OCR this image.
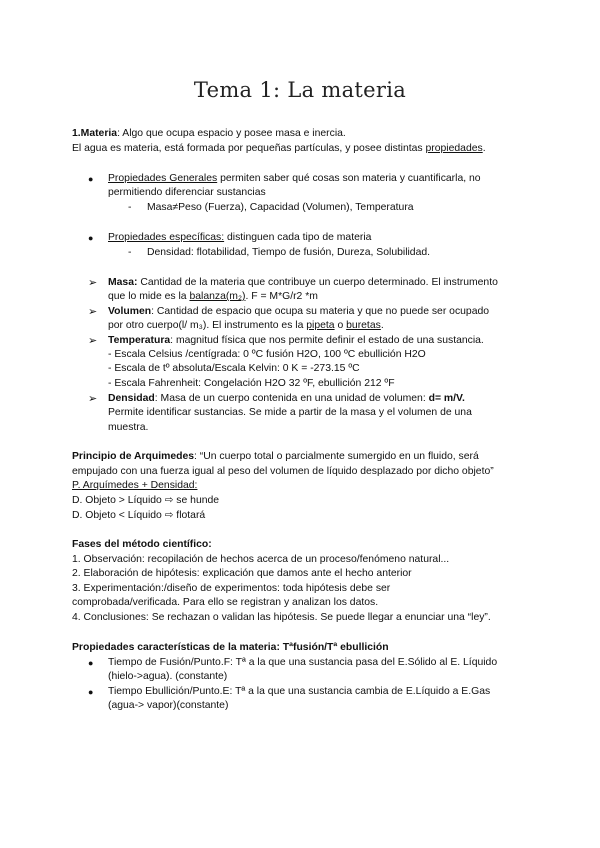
Tema 1: La materia
1.Materia: Algo que ocupa espacio y posee masa e inercia.
El agua es materia, está formada por pequeñas partículas, y posee distintas propiedades.
● Propiedades Generales permiten saber qué cosas son materia y cuantificarla, no
permitiendo diferenciar sustancias
- Masa≠Peso (Fuerza), Capacidad (Volumen), Temperatura
● Propiedades específicas: distinguen cada tipo de materia
- Densidad: flotabilidad, Tiempo de fusión, Dureza, Solubilidad.
➢ Masa: Cantidad de la materia que contribuye un cuerpo determinado. El instrumento
que lo mide es la balanza(m₂). F = M*G/r2 *m
➢ Volumen: Cantidad de espacio que ocupa su materia y que no puede ser ocupado
por otro cuerpo(l/ m₃). El instrumento es la pipeta o buretas.
➢ Temperatura: magnitud física que nos permite definir el estado de una sustancia.
- Escala Celsius /centígrada: 0 ºC fusión H2O, 100 ºC ebullición H2O
- Escala de tº absoluta/Escala Kelvin: 0 K = -273.15 ºC
- Escala Fahrenheit: Congelación H2O 32 ºF, ebullición 212 ºF
➢ Densidad: Masa de un cuerpo contenida en una unidad de volumen: d= m/V.
Permite identificar sustancias. Se mide a partir de la masa y el volumen de una
muestra.
Principio de Arquimedes: “Un cuerpo total o parcialmente sumergido en un fluido, será
empujado con una fuerza igual al peso del volumen de líquido desplazado por dicho objeto”
P. Arquímedes + Densidad:
D. Objeto > Líquido ⇨ se hunde
D. Objeto < Líquido ⇨ flotará
Fases del método científico:
1. Observación: recopilación de hechos acerca de un proceso/fenómeno natural...
2. Elaboración de hipótesis: explicación que damos ante el hecho anterior
3. Experimentación:/diseño de experimentos: toda hipótesis debe ser
comprobada/verificada. Para ello se registran y analizan los datos.
4. Conclusiones: Se rechazan o validan las hipótesis. Se puede llegar a enunciar una “ley”.
Propiedades características de la materia: Tªfusión/Tª ebullición
● Tiempo de Fusión/Punto.F: Tª a la que una sustancia pasa del E.Sólido al E. Líquido
(hielo->agua). (constante)
● Tiempo Ebullición/Punto.E: Tª a la que una sustancia cambia de E.Líquido a E.Gas
(agua-> vapor)(constante)
